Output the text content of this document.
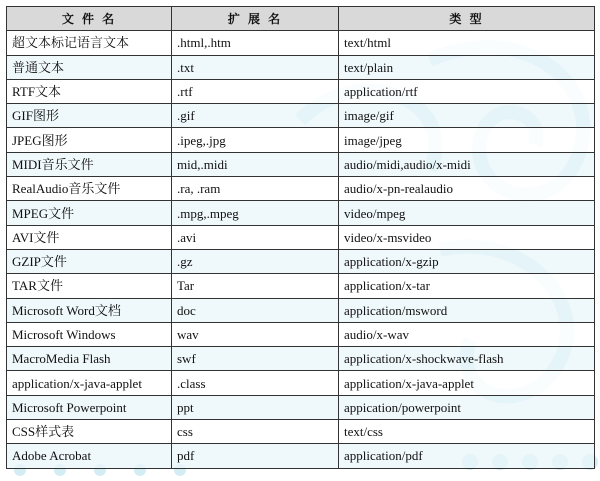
文 件 名	扩 展 名	类 型
超文本标记语言文本	.html,.htm	text/html
普通文本	.txt	text/plain
RTF文本	.rtf	application/rtf
GIF图形	.gif	image/gif
JPEG图形	.ipeg,.jpg	image/jpeg
MIDI音乐文件	mid,.midi	audio/midi,audio/x-midi
RealAudio音乐文件	.ra, .ram	audio/x-pn-realaudio
MPEG文件	.mpg,.mpeg	video/mpeg
AVI文件	.avi	video/x-msvideo
GZIP文件	.gz	application/x-gzip
TAR文件	Tar	application/x-tar
Microsoft Word文档	doc	application/msword
Microsoft Windows	wav	audio/x-wav
MacroMedia Flash	swf	application/x-shockwave-flash
application/x-java-applet	.class	application/x-java-applet
Microsoft Powerpoint	ppt	appication/powerpoint
CSS样式表	css	text/css
Adobe Acrobat	pdf	application/pdf
